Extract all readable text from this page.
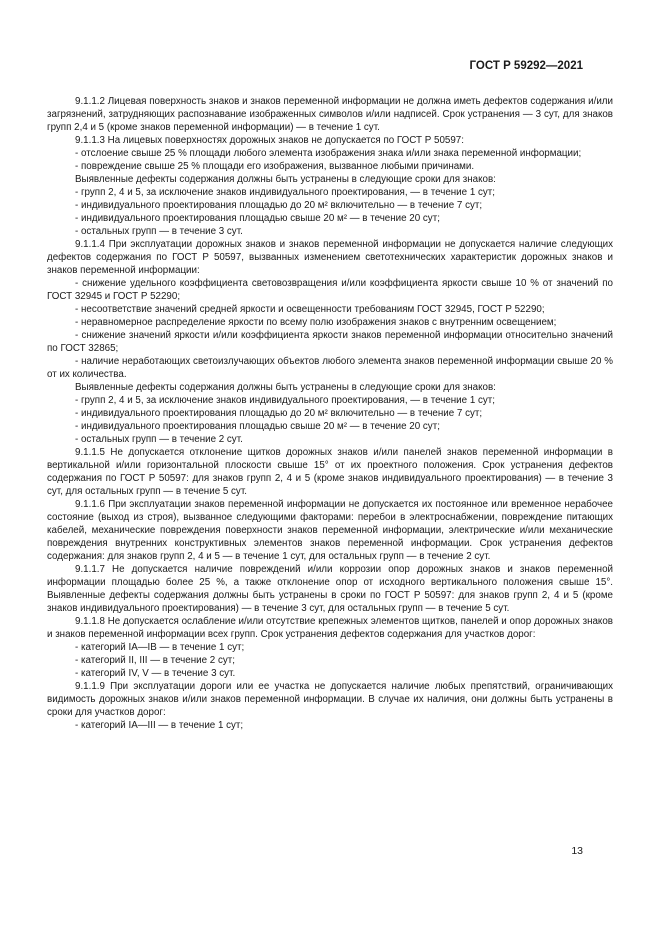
ГОСТ Р 59292—2021

9.1.1.2 Лицевая поверхность знаков и знаков переменной информации не должна иметь дефектов содержания и/или загрязнений, затрудняющих распознавание изображенных символов и/или надписей. Срок устранения — 3 сут, для знаков групп 2,4 и 5 (кроме знаков переменной информации) — в течение 1 сут.

9.1.1.3 На лицевых поверхностях дорожных знаков не допускается по ГОСТ Р 50597:

- отслоение свыше 25 % площади любого элемента изображения знака и/или знака переменной информации;

- повреждение свыше 25 % площади его изображения, вызванное любыми причинами.

Выявленные дефекты содержания должны быть устранены в следующие сроки для знаков:

- групп 2, 4 и 5, за исключение знаков индивидуального проектирования, — в течение 1 сут;

- индивидуального проектирования площадью до 20 м² включительно — в течение 7 сут;

- индивидуального проектирования площадью свыше 20 м² — в течение 20 сут;

- остальных групп — в течение 3 сут.

9.1.1.4 При эксплуатации дорожных знаков и знаков переменной информации не допускается наличие следующих дефектов содержания по ГОСТ Р 50597, вызванных изменением светотехнических характеристик дорожных знаков и знаков переменной информации:

- снижение удельного коэффициента световозвращения и/или коэффициента яркости свыше 10 % от значений по ГОСТ 32945 и ГОСТ Р 52290;

- несоответствие значений средней яркости и освещенности требованиям ГОСТ 32945, ГОСТ Р 52290;

- неравномерное распределение яркости по всему полю изображения знаков с внутренним освещением;

- снижение значений яркости и/или коэффициента яркости знаков переменной информации относительно значений по ГОСТ 32865;

- наличие неработающих светоизлучающих объектов любого элемента знаков переменной информации свыше 20 % от их количества.

Выявленные дефекты содержания должны быть устранены в следующие сроки для знаков:

- групп 2, 4 и 5, за исключение знаков индивидуального проектирования, — в течение 1 сут;

- индивидуального проектирования площадью до 20 м² включительно — в течение 7 сут;

- индивидуального проектирования площадью свыше 20 м² — в течение 20 сут;

- остальных групп — в течение 2 сут.

9.1.1.5 Не допускается отклонение щитков дорожных знаков и/или панелей знаков переменной информации в вертикальной и/или горизонтальной плоскости свыше 15° от их проектного положения. Срок устранения дефектов содержания по ГОСТ Р 50597: для знаков групп 2, 4 и 5 (кроме знаков индивидуального проектирования) — в течение 3 сут, для остальных групп — в течение 5 сут.

9.1.1.6 При эксплуатации знаков переменной информации не допускается их постоянное или временное нерабочее состояние (выход из строя), вызванное следующими факторами: перебои в электроснабжении, повреждение питающих кабелей, механические повреждения поверхности знаков переменной информации, электрические и/или механические повреждения внутренних конструктивных элементов знаков переменной информации. Срок устранения дефектов содержания: для знаков групп 2, 4 и 5 — в течение 1 сут, для остальных групп — в течение 2 сут.

9.1.1.7 Не допускается наличие повреждений и/или коррозии опор дорожных знаков и знаков переменной информации площадью более 25 %, а также отклонение опор от исходного вертикального положения свыше 15°. Выявленные дефекты содержания должны быть устранены в сроки по ГОСТ Р 50597: для знаков групп 2, 4 и 5 (кроме знаков индивидуального проектирования) — в течение 3 сут, для остальных групп — в течение 5 сут.

9.1.1.8 Не допускается ослабление и/или отсутствие крепежных элементов щитков, панелей и опор дорожных знаков и знаков переменной информации всех групп. Срок устранения дефектов содержания для участков дорог:

- категорий IА—IВ — в течение 1 сут;

- категорий II, III — в течение 2 сут;

- категорий IV, V — в течение 3 сут.

9.1.1.9 При эксплуатации дороги или ее участка не допускается наличие любых препятствий, ограничивающих видимость дорожных знаков и/или знаков переменной информации. В случае их наличия, они должны быть устранены в сроки для участков дорог:

- категорий IА—III — в течение 1 сут;

13
